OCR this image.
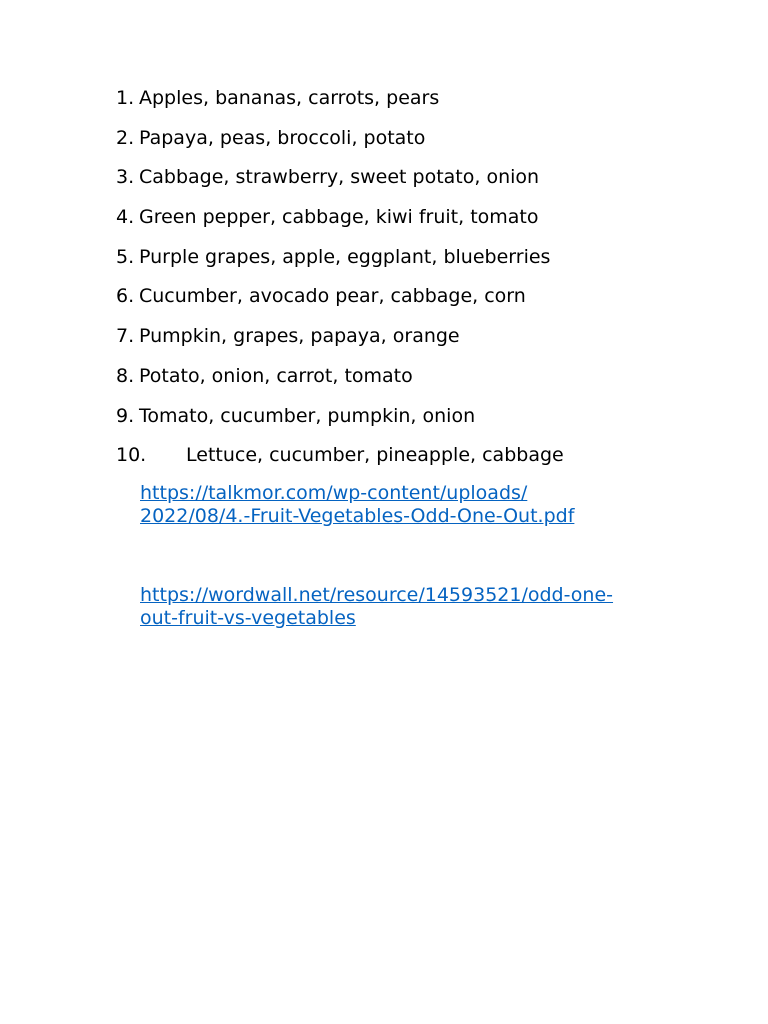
1. Apples, bananas, carrots, pears
2. Papaya, peas, broccoli, potato
3. Cabbage, strawberry, sweet potato, onion
4. Green pepper, cabbage, kiwi fruit, tomato
5. Purple grapes, apple, eggplant, blueberries
6. Cucumber, avocado pear, cabbage, corn
7. Pumpkin, grapes, papaya, orange
8. Potato, onion, carrot, tomato
9. Tomato, cucumber, pumpkin, onion
10. Lettuce, cucumber, pineapple, cabbage
https://talkmor.com/wp-content/uploads/
2022/08/4.-Fruit-Vegetables-Odd-One-Out.pdf
https://wordwall.net/resource/14593521/odd-one-
out-fruit-vs-vegetables
